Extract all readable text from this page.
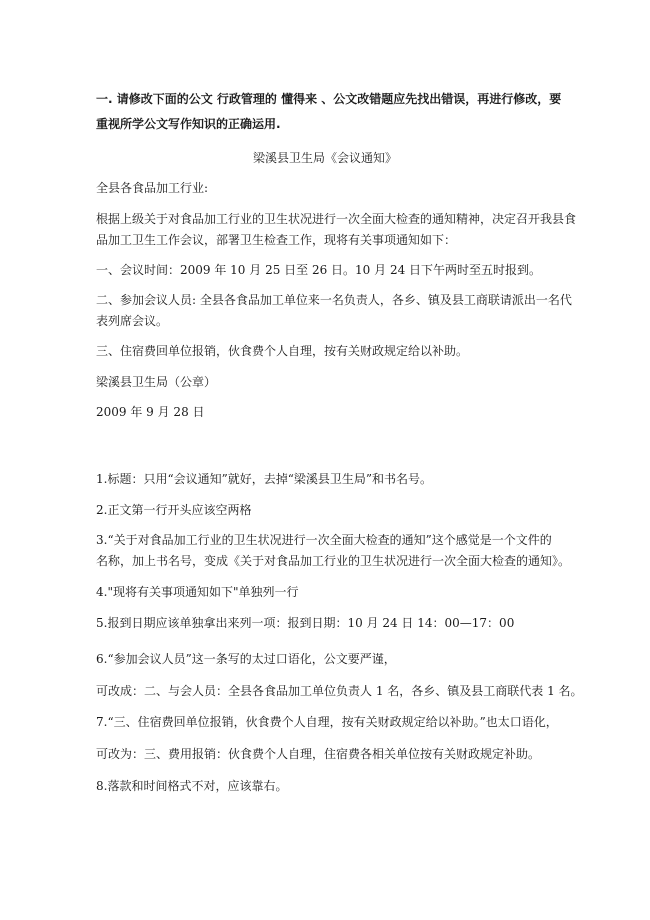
一. 请修改下面的公文 行政管理的 懂得来 、公文改错题应先找出错误，再进行修改，要
重视所学公文写作知识的正确运用.
梁溪县卫生局《会议通知》
全县各食品加工行业:
根据上级关于对食品加工行业的卫生状况进行一次全面大检查的通知精神，决定召开我县食
品加工卫生工作会议，部署卫生检查工作，现将有关事项通知如下：
一、会议时间：2009 年 10 月 25 日至 26 日。10 月 24 日下午两时至五时报到。
二、参加会议人员: 全县各食品加工单位来一名负责人，各乡、镇及县工商联请派出一名代
表列席会议。
三、住宿费回单位报销，伙食费个人自理，按有关财政规定给以补助。
梁溪县卫生局（公章）
2009 年 9 月 28 日
1.标题：只用“会议通知”就好，去掉“梁溪县卫生局”和书名号。
2.正文第一行开头应该空两格
3.“关于对食品加工行业的卫生状况进行一次全面大检查的通知”这个感觉是一个文件的
名称，加上书名号，变成《关于对食品加工行业的卫生状况进行一次全面大检查的通知》。
4."现将有关事项通知如下"单独列一行
5.报到日期应该单独拿出来列一项：报到日期：10 月 24 日 14：00—17：00
6.“参加会议人员”这一条写的太过口语化，公文要严谨，
可改成：二、与会人员：全县各食品加工单位负责人 1 名，各乡、镇及县工商联代表 1 名。
7.“三、住宿费回单位报销，伙食费个人自理，按有关财政规定给以补助。”也太口语化，
可改为：三、费用报销：伙食费个人自理，住宿费各相关单位按有关财政规定补助。
8.落款和时间格式不对，应该靠右。
